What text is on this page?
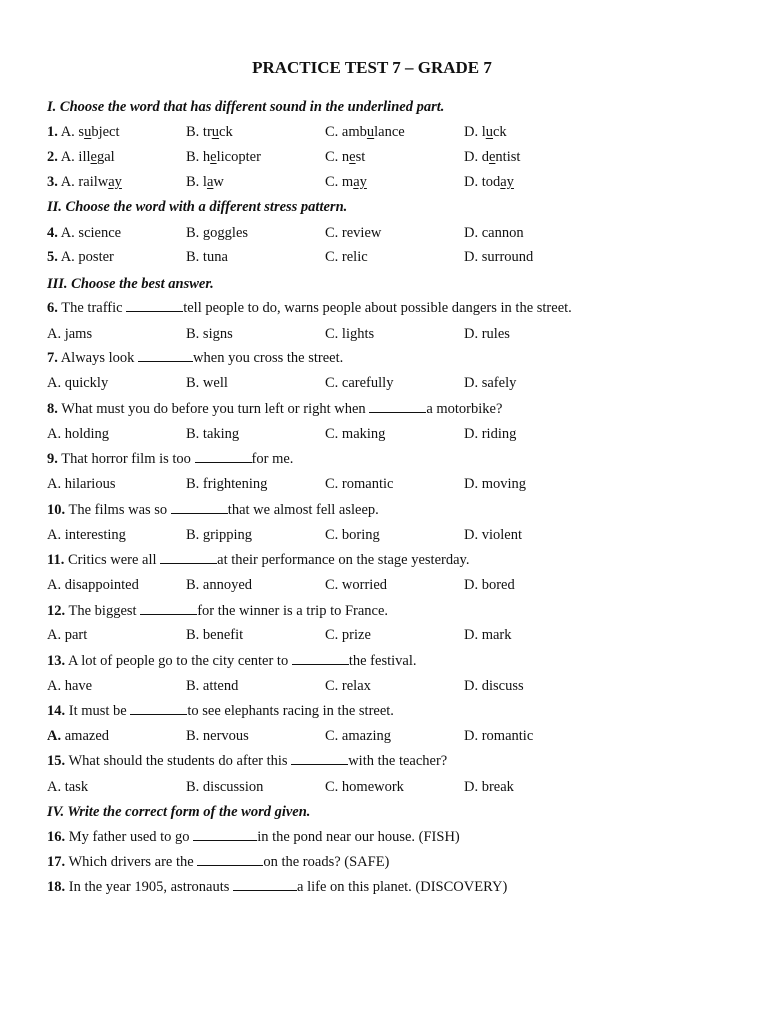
PRACTICE TEST 7 – GRADE 7
I. Choose the word that has different sound in the underlined part.
1. A. subject	B. truck	C. ambulance	D. luck
2. A. illegal	B. helicopter	C. nest	D. dentist
3. A. railway	B. law	C. may	D. today
II. Choose the word with a different stress pattern.
4. A. science	B. goggles	C. review	D. cannon
5. A. poster	B. tuna	C. relic	D. surround
III. Choose the best answer.
6. The traffic	tell people to do, warns people about possible dangers in the street.
A. jams	B. signs	C. lights	D. rules
7. Always look	when you cross the street.
A. quickly	B. well	C. carefully	D. safely
8. What must you do before you turn left or right when	a motorbike?
A. holding	B. taking	C. making	D. riding
9. That horror film is too	for me.
A. hilarious	B. frightening	C. romantic	D. moving
10. The films was so	that we almost fell asleep.
A. interesting	B. gripping	C. boring	D. violent
11. Critics were all	at their performance on the stage yesterday.
A. disappointed	B. annoyed	C. worried	D. bored
12. The biggest	for the winner is a trip to France.
A. part	B. benefit	C. prize	D. mark
13. A lot of people go to the city center to	the festival.
A. have	B. attend	C. relax	D. discuss
14. It must be	to see elephants racing in the street.
A. amazed	B. nervous	C. amazing	D. romantic
15. What should the students do after this	with the teacher?
A. task	B. discussion	C. homework	D. break
IV. Write the correct form of the word given.
16. My father used to go	in the pond near our house. (FISH)
17. Which drivers are the	on the roads? (SAFE)
18. In the year 1905, astronauts	a life on this planet. (DISCOVERY)
